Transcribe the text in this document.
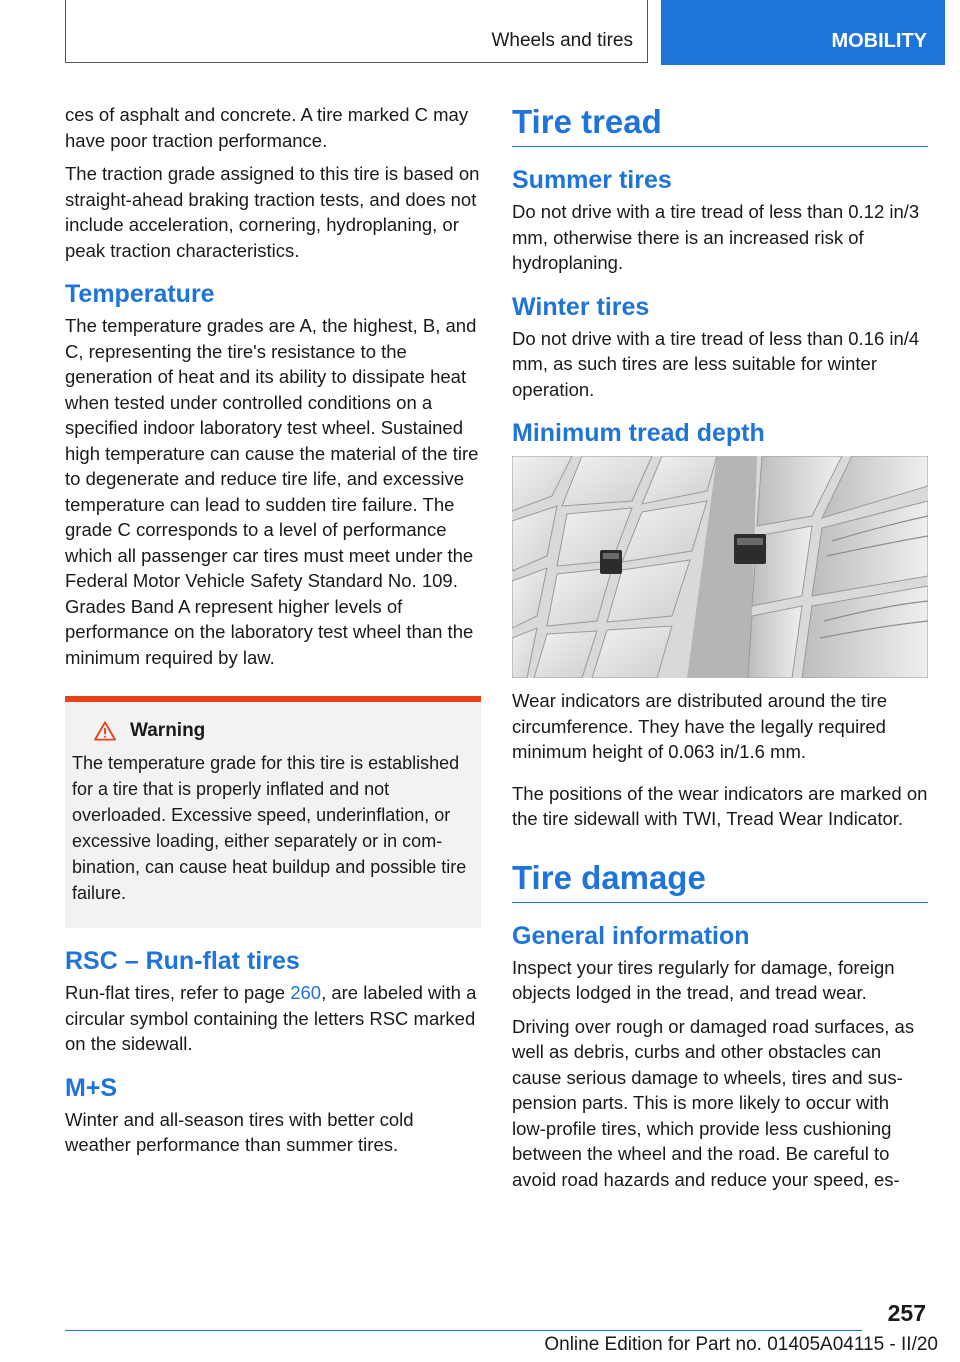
Wheels and tires	MOBILITY

ces of asphalt and concrete. A tire marked C may have poor traction performance.

The traction grade assigned to this tire is based on straight-ahead braking traction tests, and does not include acceleration, cornering, hydroplaning, or peak traction characteristics.

Temperature

The temperature grades are A, the highest, B, and C, representing the tire's resistance to the generation of heat and its ability to dissipate heat when tested under controlled conditions on a specified indoor laboratory test wheel. Sustained high temperature can cause the material of the tire to degenerate and reduce tire life, and excessive temperature can lead to sudden tire failure. The grade C corresponds to a level of performance which all passenger car tires must meet under the Federal Motor Vehicle Safety Standard No. 109. Grades Band A represent higher levels of performance on the laboratory test wheel than the minimum required by law.

Warning

The temperature grade for this tire is established for a tire that is properly inflated and not overloaded. Excessive speed, underinflation, or excessive loading, either separately or in combination, can cause heat buildup and possible tire failure.

RSC – Run-flat tires

Run-flat tires, refer to page 260, are labeled with a circular symbol containing the letters RSC marked on the sidewall.

M+S

Winter and all-season tires with better cold weather performance than summer tires.

Tire tread
Summer tires

Do not drive with a tire tread of less than 0.12 in/3 mm, otherwise there is an increased risk of hydroplaning.

Winter tires

Do not drive with a tire tread of less than 0.16 in/4 mm, as such tires are less suitable for winter operation.

Minimum tread depth

Wear indicators are distributed around the tire circumference. They have the legally required minimum height of 0.063 in/1.6 mm.

The positions of the wear indicators are marked on the tire sidewall with TWI, Tread Wear Indicator.

Tire damage
General information

Inspect your tires regularly for damage, foreign objects lodged in the tread, and tread wear.

Driving over rough or damaged road surfaces, as well as debris, curbs and other obstacles can cause serious damage to wheels, tires and suspension parts. This is more likely to occur with low-profile tires, which provide less cushioning between the wheel and the road. Be careful to avoid road hazards and reduce your speed, es-

257
Online Edition for Part no. 01405A04115 - II/20
